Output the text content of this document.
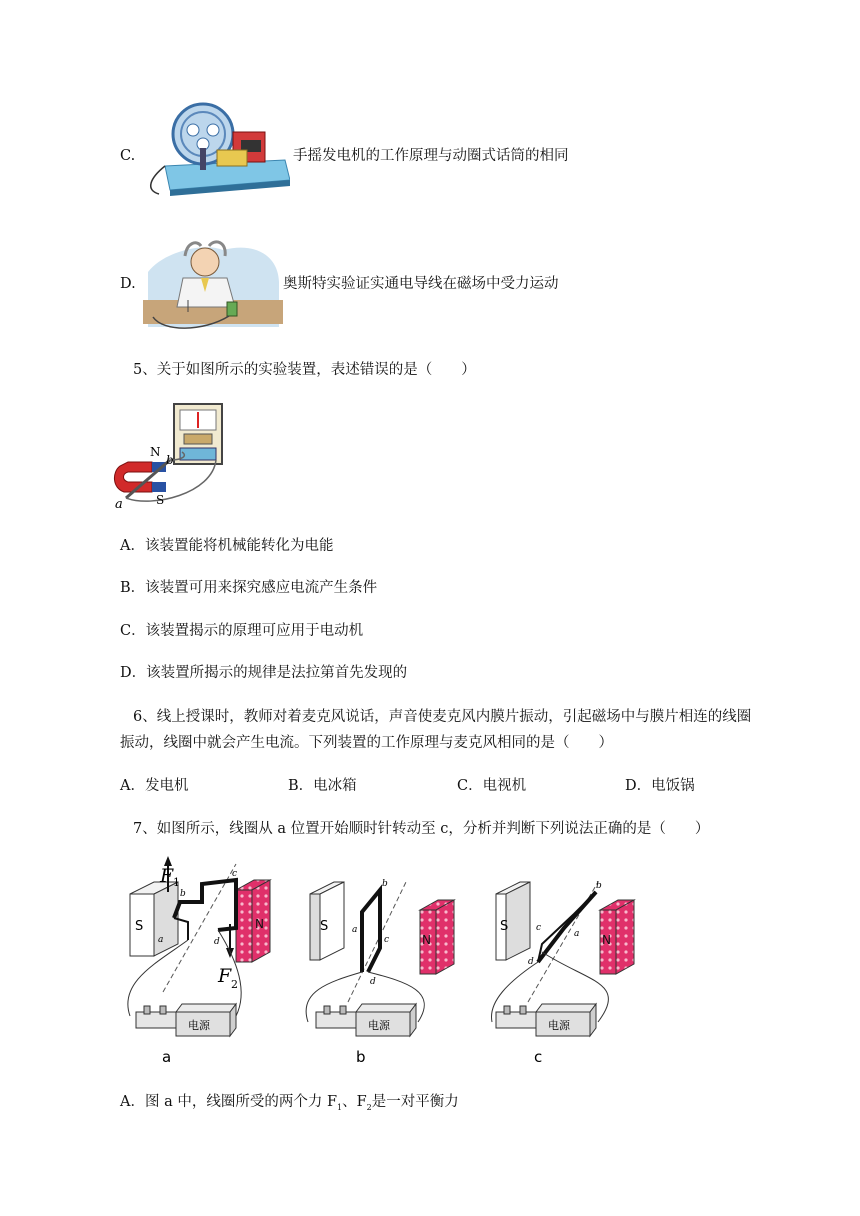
C.	手摇发电机的工作原理与动圈式话筒的相同
D.	奥斯特实验证实通电导线在磁场中受力运动
5、关于如图所示的实验装置，表述错误的是（　　）
N
S
a
b
A．该装置能将机械能转化为电能
B．该装置可用来探究感应电流产生条件
C．该装置揭示的原理可应用于电动机
D．该装置所揭示的规律是法拉第首先发现的
6、线上授课时，教师对着麦克风说话，声音使麦克风内膜片振动，引起磁场中与膜片相连的线圈
振动，线圈中就会产生电流。下列装置的工作原理与麦克风相同的是（　　）
A．发电机	B．电冰箱	C．电视机	D．电饭锅
7、如图所示，线圈从 a 位置开始顺时针转动至 c，分析并判断下列说法正确的是（　　）
S	N
F 1
F 2
a
b
c
d
电源
a
S
N
a
b
c
d
电源
b
S
N
c
b
a
d
电源
c
A．图 a 中，线圈所受的两个力 $F_1$、$F_2$是一对平衡力
